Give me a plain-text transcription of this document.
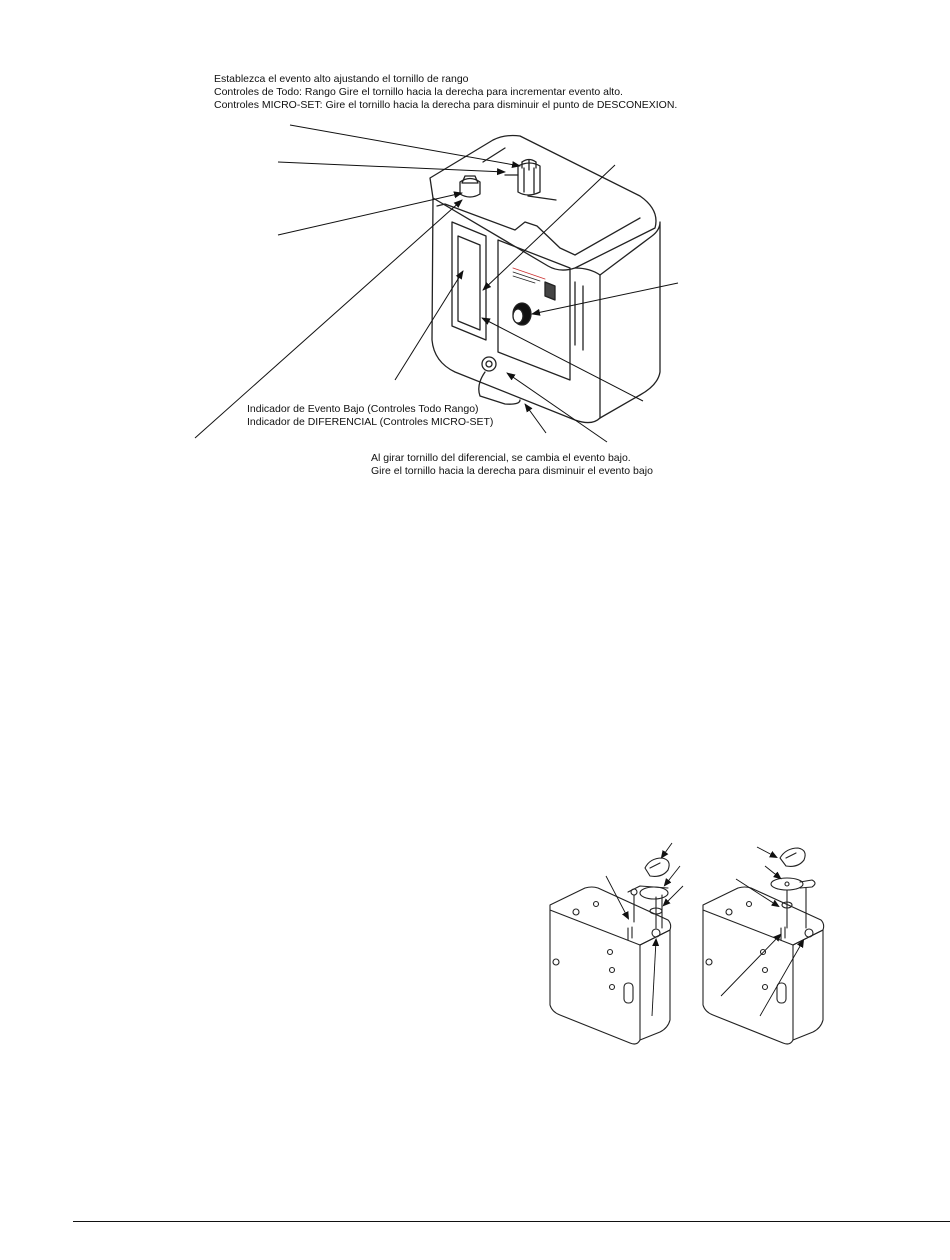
Establezca el evento alto ajustando el tornillo de rango
Controles de Todo: Rango Gire el tornillo hacia la derecha para incrementar evento alto.
Controles MICRO-SET: Gire el tornillo hacia la derecha para disminuir el punto de DESCONEXION.
Indicador de Evento Bajo (Controles Todo Rango)
Indicador de DIFERENCIAL (Controles MICRO-SET)
Al girar tornillo del diferencial, se cambia el evento bajo.
Gire el tornillo hacia la derecha para disminuir el evento bajo
